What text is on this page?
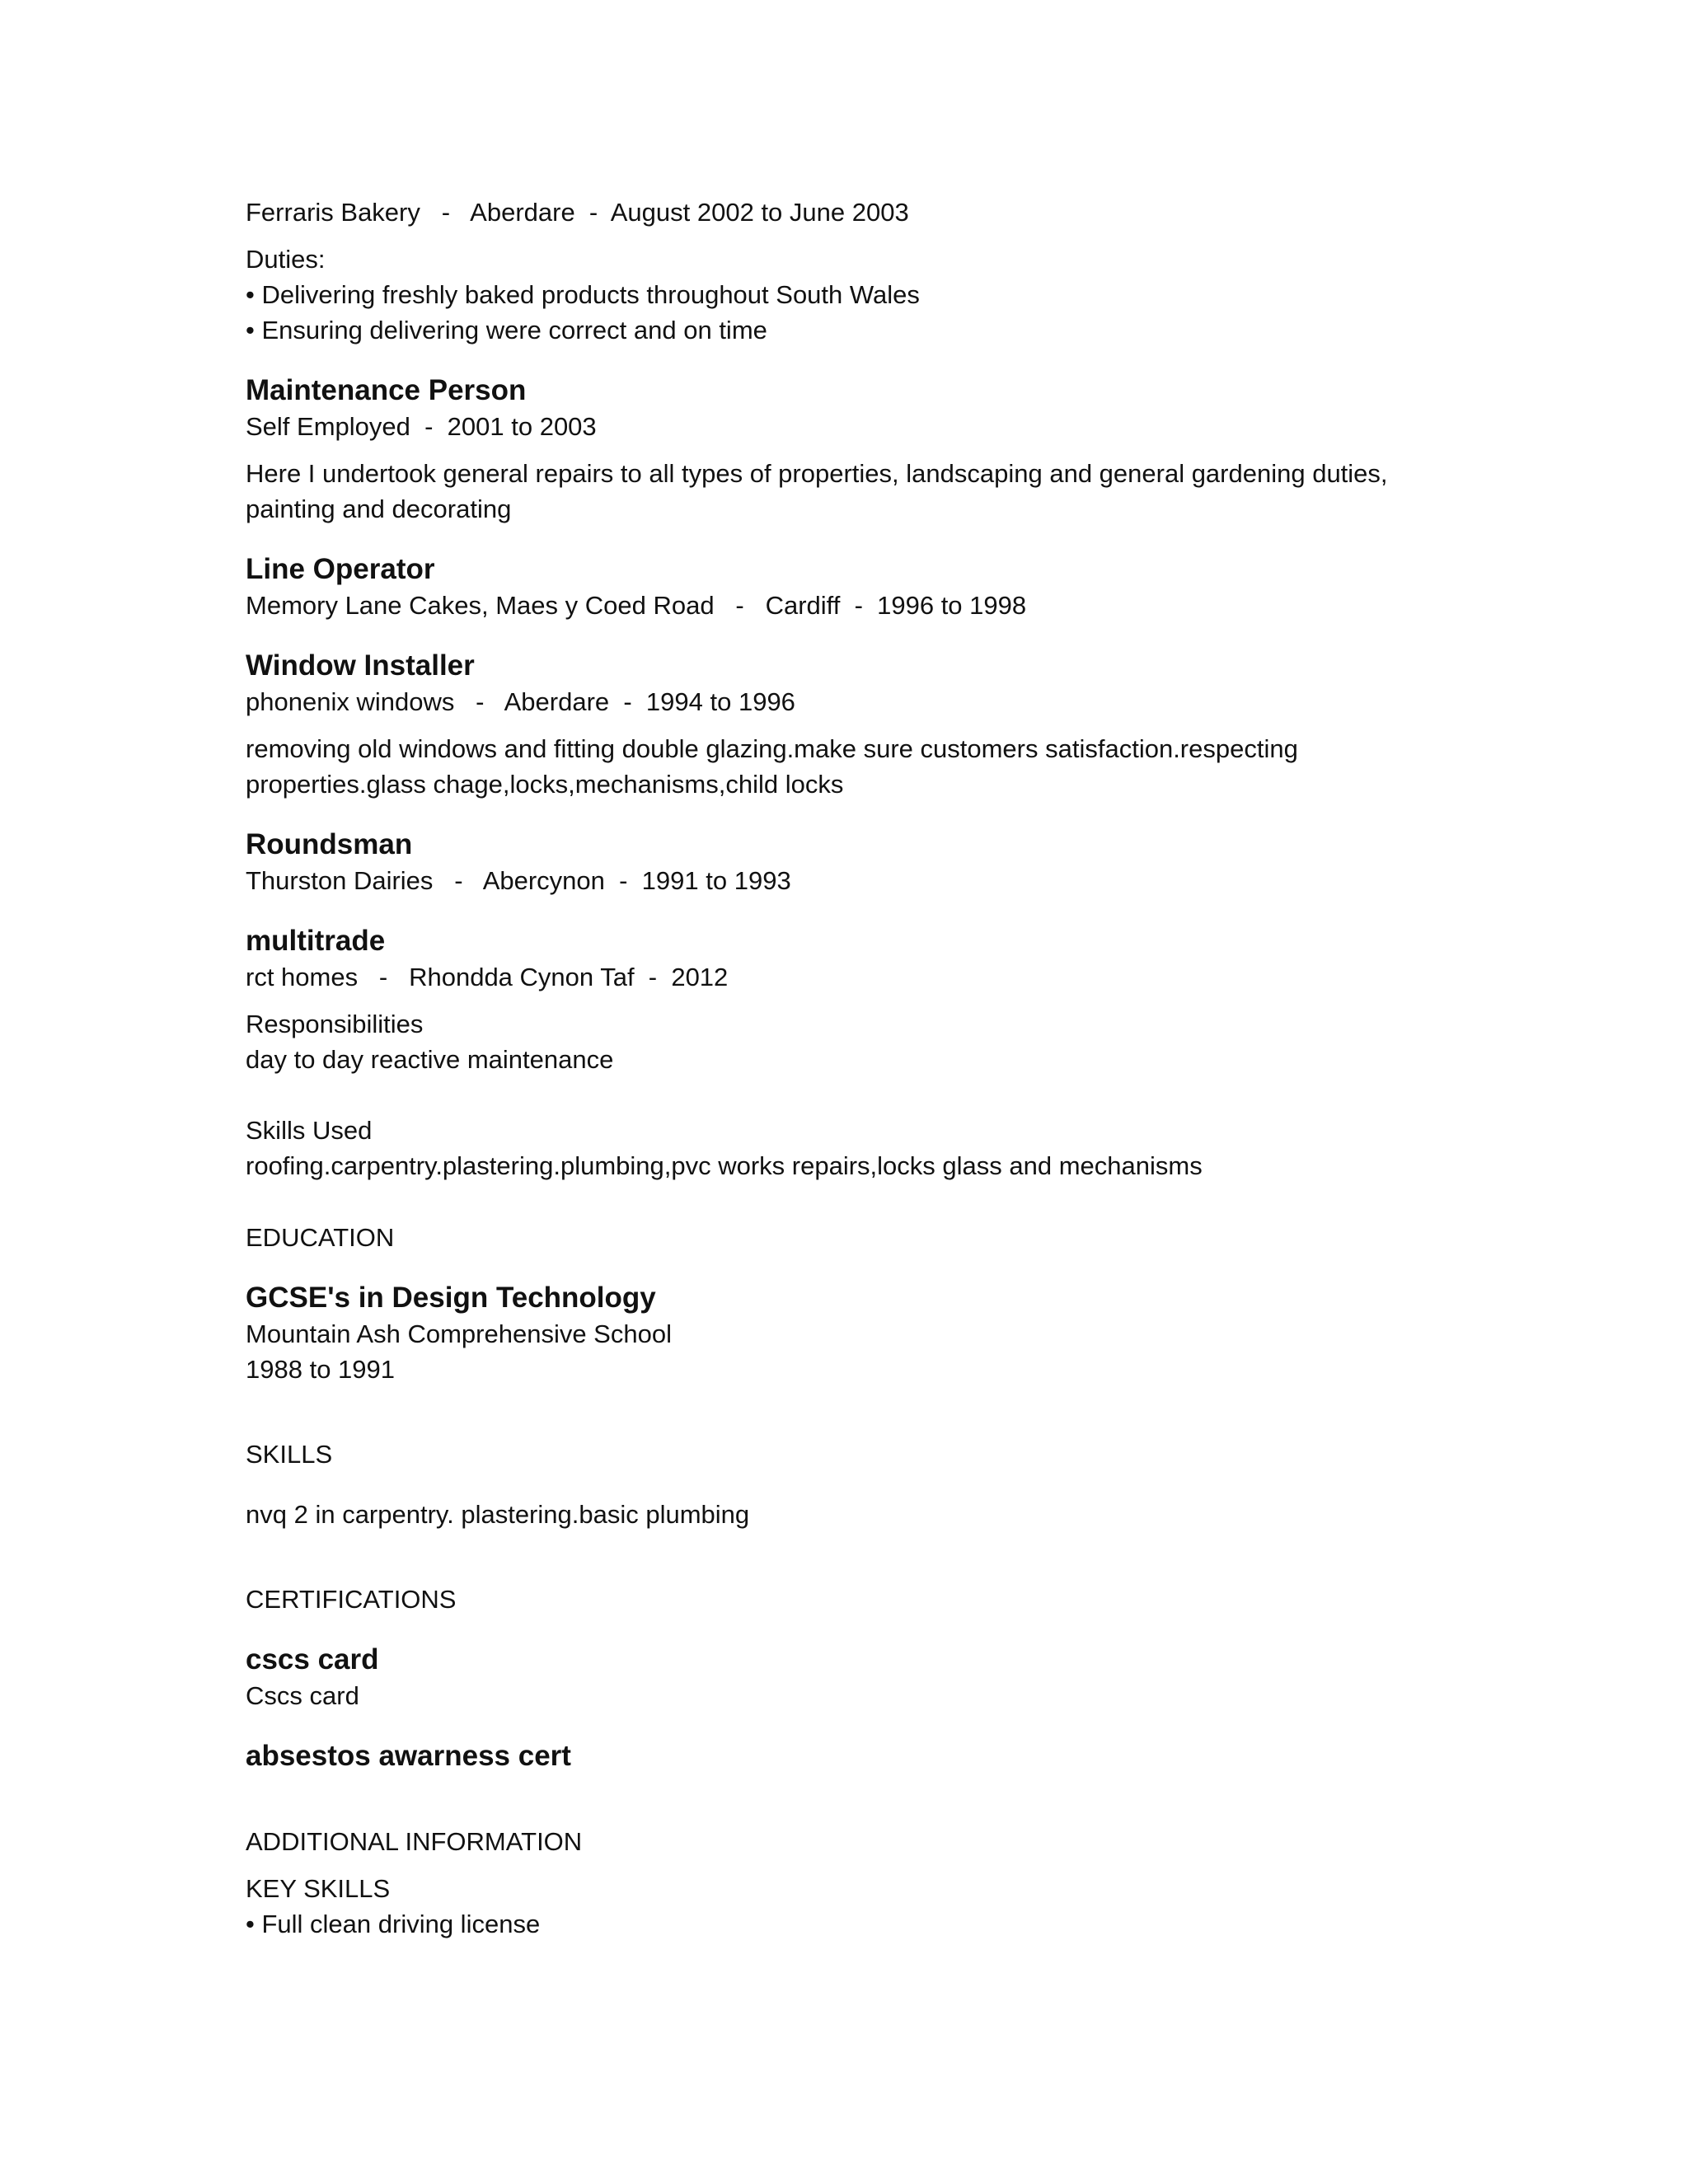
Ferraris Bakery   -   Aberdare  -  August 2002 to June 2003
Duties:
• Delivering freshly baked products throughout South Wales
• Ensuring delivering were correct and on time
Maintenance Person
Self Employed  -  2001 to 2003
Here I undertook general repairs to all types of properties, landscaping and general gardening duties, painting and decorating
Line Operator
Memory Lane Cakes, Maes y Coed Road   -   Cardiff  -  1996 to 1998
Window Installer
phonenix windows   -   Aberdare  -  1994 to 1996
removing old windows and fitting double glazing.make sure customers satisfaction.respecting properties.glass chage,locks,mechanisms,child locks
Roundsman
Thurston Dairies   -   Abercynon  -  1991 to 1993
multitrade
rct homes   -   Rhondda Cynon Taf  -  2012
Responsibilities
day to day reactive maintenance
Skills Used
roofing.carpentry.plastering.plumbing,pvc works repairs,locks glass and mechanisms
EDUCATION
GCSE's in Design Technology
Mountain Ash Comprehensive School
1988 to 1991
SKILLS
nvq 2 in carpentry. plastering.basic plumbing
CERTIFICATIONS
cscs card
Cscs card
absestos awarness cert
ADDITIONAL INFORMATION
KEY SKILLS
• Full clean driving license
